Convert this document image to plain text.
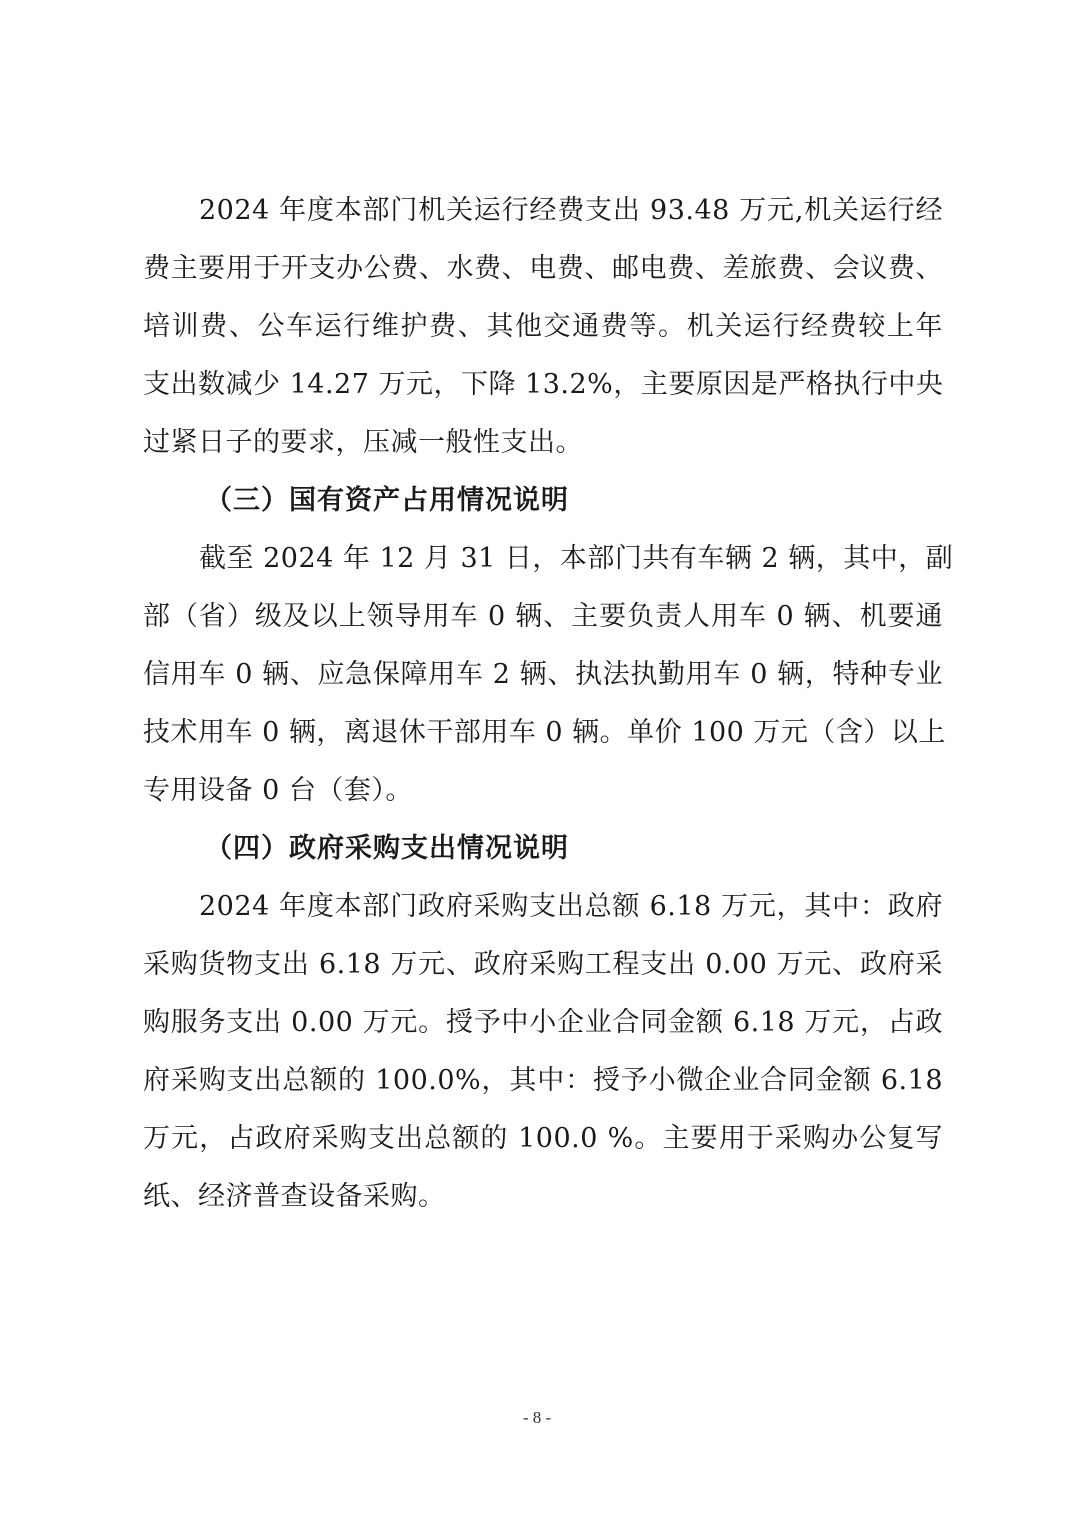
2024 年度本部门机关运行经费支出 93.48 万元,机关运行经
费主要用于开支办公费、水费、电费、邮电费、差旅费、会议费、
培训费、公车运行维护费、其他交通费等。机关运行经费较上年
支出数减少 14.27 万元，下降 13.2%，主要原因是严格执行中央
过紧日子的要求，压减一般性支出。
（三）国有资产占用情况说明
截至 2024 年 12 月 31 日，本部门共有车辆 2 辆，其中，副
部（省）级及以上领导用车 0 辆、主要负责人用车 0 辆、机要通
信用车 0 辆、应急保障用车 2 辆、执法执勤用车 0 辆，特种专业
技术用车 0 辆，离退休干部用车 0 辆。单价 100 万元（含）以上
专用设备 0 台（套）。
（四）政府采购支出情况说明
2024 年度本部门政府采购支出总额 6.18 万元，其中：政府
采购货物支出 6.18 万元、政府采购工程支出 0.00 万元、政府采
购服务支出 0.00 万元。授予中小企业合同金额 6.18 万元，占政
府采购支出总额的 100.0%，其中：授予小微企业合同金额 6.18
万元，占政府采购支出总额的 100.0 %。主要用于采购办公复写
纸、经济普查设备采购。
- 8 -
